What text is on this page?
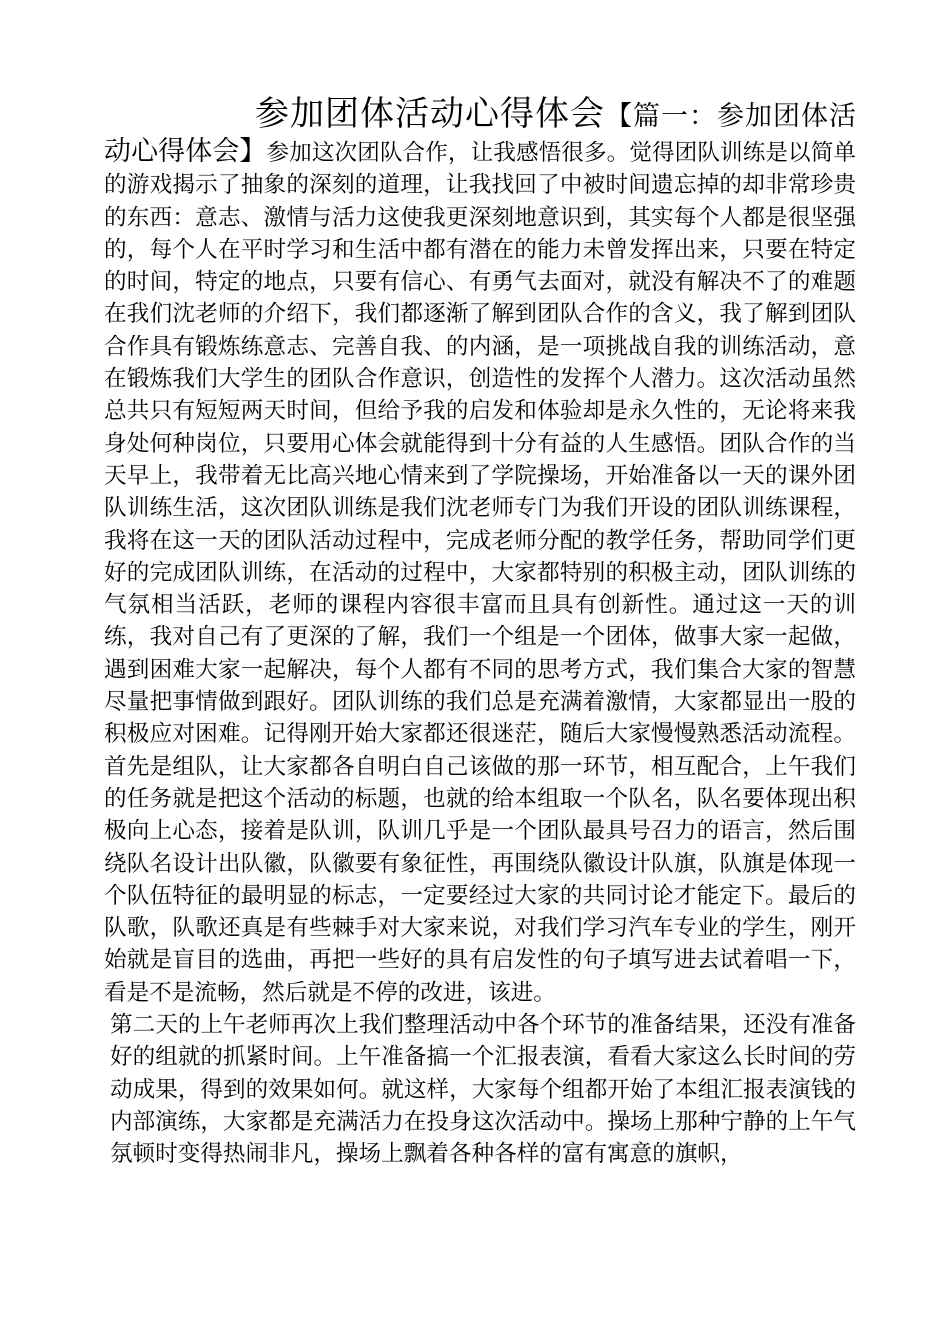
参加团体活动心得体会【篇一：参加团体活动心得体会】参加这次团队合作，让我感悟很多。觉得团队训练是以简单的游戏揭示了抽象的深刻的道理，让我找回了中被时间遗忘掉的却非常珍贵的东西：意志、激情与活力这使我更深刻地意识到，其实每个人都是很坚强的，每个人在平时学习和生活中都有潜在的能力未曾发挥出来，只要在特定的时间，特定的地点，只要有信心、有勇气去面对，就没有解决不了的难题在我们沈老师的介绍下，我们都逐渐了解到团队合作的含义，我了解到团队合作具有锻炼练意志、完善自我、的内涵，是一项挑战自我的训练活动，意在锻炼我们大学生的团队合作意识，创造性的发挥个人潜力。这次活动虽然总共只有短短两天时间，但给予我的启发和体验却是永久性的，无论将来我身处何种岗位，只要用心体会就能得到十分有益的人生感悟。团队合作的当天早上，我带着无比高兴地心情来到了学院操场，开始准备以一天的课外团队训练生活，这次团队训练是我们沈老师专门为我们开设的团队训练课程，我将在这一天的团队活动过程中，完成老师分配的教学任务，帮助同学们更好的完成团队训练，在活动的过程中，大家都特别的积极主动，团队训练的气氛相当活跃，老师的课程内容很丰富而且具有创新性。通过这一天的训练，我对自己有了更深的了解，我们一个组是一个团体，做事大家一起做，遇到困难大家一起解决，每个人都有不同的思考方式，我们集合大家的智慧尽量把事情做到跟好。团队训练的我们总是充满着激情，大家都显出一股的积极应对困难。记得刚开始大家都还很迷茫，随后大家慢慢熟悉活动流程。首先是组队，让大家都各自明白自己该做的那一环节，相互配合，上午我们的任务就是把这个活动的标题，也就的给本组取一个队名，队名要体现出积极向上心态，接着是队训，队训几乎是一个团队最具号召力的语言，然后围绕队名设计出队徽，队徽要有象征性，再围绕队徽设计队旗，队旗是体现一个队伍特征的最明显的标志，一定要经过大家的共同讨论才能定下。最后的队歌，队歌还真是有些棘手对大家来说，对我们学习汽车专业的学生，刚开始就是盲目的选曲，再把一些好的具有启发性的句子填写进去试着唱一下，看是不是流畅，然后就是不停的改进，该进。

第二天的上午老师再次上我们整理活动中各个环节的准备结果，还没有准备好的组就的抓紧时间。上午准备搞一个汇报表演，看看大家这么长时间的劳动成果，得到的效果如何。就这样，大家每个组都开始了本组汇报表演钱的内部演练，大家都是充满活力在投身这次活动中。操场上那种宁静的上午气氛顿时变得热闹非凡，操场上飘着各种各样的富有寓意的旗帜，
